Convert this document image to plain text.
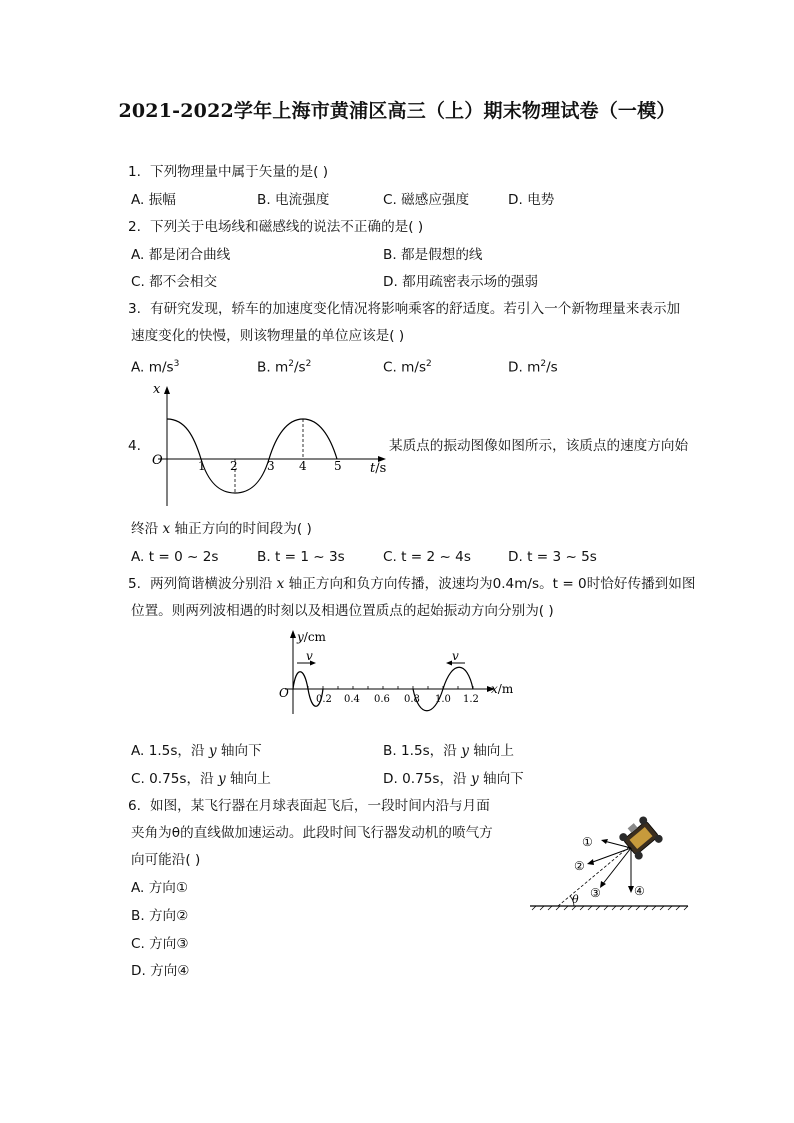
2021-2022学年上海市黄浦区高三（上）期末物理试卷（一模）
1. 下列物理量中属于矢量的是( )
A. 振幅	B. 电流强度	C. 磁感应强度	D. 电势
2. 下列关于电场线和磁感线的说法不正确的是( )
A. 都是闭合曲线	B. 都是假想的线
C. 都不会相交	D. 都用疏密表示场的强弱
3. 有研究发现，轿车的加速度变化情况将影响乘客的舒适度。若引入一个新物理量来表示加
速度变化的快慢，则该物理量的单位应该是( )
A. $m/s^3$	B. $m^2/s^2$	C. $m/s^2$	D. $m^2/s$
4.
x
O	1 2 3 4 5 t/s
某质点的振动图像如图所示，该质点的速度方向始
终沿 x 轴正方向的时间段为( )
A. t = 0 ~ 2s	B. t = 1 ~ 3s	C. t = 2 ~ 4s	D. t = 3 ~ 5s
5. 两列简谐横波分别沿 x 轴正方向和负方向传播，波速均为0.4m/s。t = 0时恰好传播到如图
位置。则两列波相遇的时刻以及相遇位置质点的起始振动方向分别为( )
v	v
y/cm
O	0.2 0.4 0.6 0.8 1.0 1.2
x/m
A. 1.5s，沿 y 轴向下	B. 1.5s，沿 y 轴向上
C. 0.75s，沿 y 轴向上	D. 0.75s，沿 y 轴向下
6. 如图，某飞行器在月球表面起飞后，一段时间内沿与月面
夹角为θ的直线做加速运动。此段时间飞行器发动机的喷气方
向可能沿( )
A. 方向①
B. 方向②
C. 方向③
D. 方向④
θ
①
②
③	④
